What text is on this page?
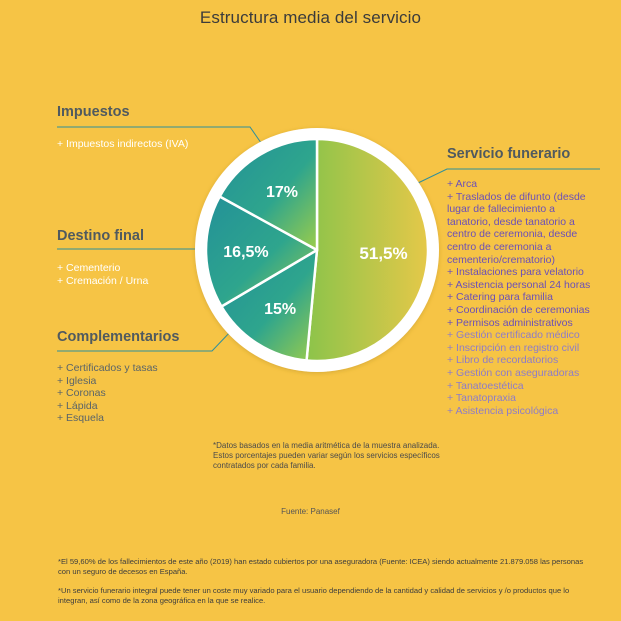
Estructura media del servicio
51,5%
15%
16,5%
17%
Impuestos
+ Impuestos indirectos (IVA)
Destino final
+ Cementerio
+ Cremación / Urna
Complementarios
+ Certificados y tasas
+ Iglesia
+ Coronas
+ Lápida
+ Esquela
Servicio funerario
+ Arca
+ Traslados de difunto (desde
lugar de fallecimiento a
tanatorio, desde tanatorio a
centro de ceremonia, desde
centro de ceremonia a
cementerio/crematorio)
+ Instalaciones para velatorio
+ Asistencia personal 24 horas
+ Catering para familia
+ Coordinación de ceremonias
+ Permisos administrativos
+ Gestión certificado médico
+ Inscripción en registro civil
+ Libro de recordatorios
+ Gestión con aseguradoras
+ Tanatoestética
+ Tanatopraxia
+ Asistencia psicológica
*Datos basados en la media aritmética de la muestra analizada.
Estos porcentajes pueden variar según los servicios específicos
contratados por cada familia.
Fuente: Panasef
*El 59,60% de los fallecimientos de este año (2019) han estado cubiertos por una aseguradora (Fuente: ICEA) siendo actualmente 21.879.058 las personas con un seguro de decesos en España.
*Un servicio funerario integral puede tener un coste muy variado para el usuario dependiendo de la cantidad y calidad de servicios y /o productos que lo integran, así como de la zona geográfica en la que se realice.
